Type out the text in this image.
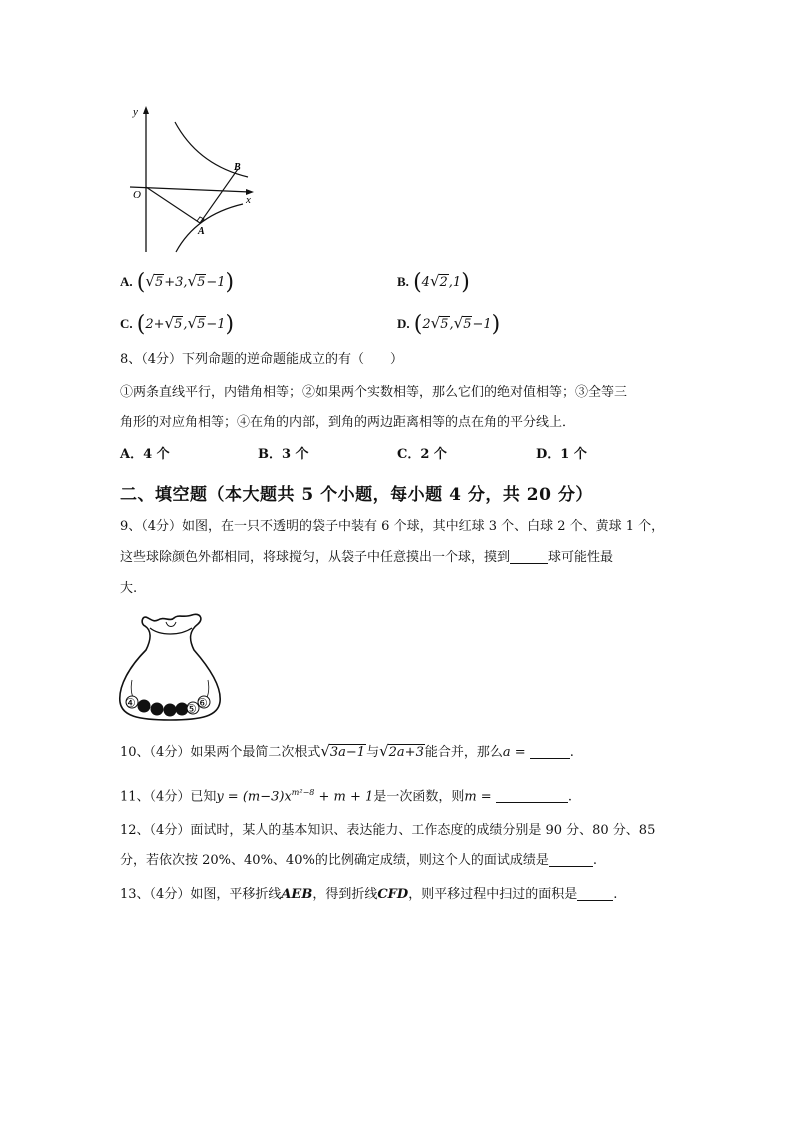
y
x
O
A
B
A. (√5+3,√5−1)	B. (4√2,1)
C. (2+√5,√5−1)	D. (2√5,√5−1)
8、（4分）下列命题的逆命题能成立的有（　　）
①两条直线平行，内错角相等；②如果两个实数相等，那么它们的绝对值相等；③全等三
角形的对应角相等；④在角的内部，到角的两边距离相等的点在角的平分线上．
A．4 个	B．3 个	C．2 个	D．1 个
二、填空题（本大题共 5 个小题，每小题 4 分，共 20 分）
9、（4分）如图，在一只不透明的袋子中装有 6 个球，其中红球 3 个、白球 2 个、黄球 1 个，
这些球除颜色外都相同，将球搅匀，从袋子中任意摸出一个球，摸到	球可能性最
大.
④	⑤ ⑥
10、（4分）如果两个最简二次根式√3a−1与√2a+3能合并，那么a =	.
11、（4分）已知$y = (m-3)x^{m^2-8} + m + 1$是一次函数，则m =	.
12、（4分）面试时，某人的基本知识、表达能力、工作态度的成绩分别是 90 分、80 分、85
分，若依次按 20%、40%、40%的比例确定成绩，则这个人的面试成绩是	.
13、（4分）如图，平移折线AEB，得到折线CFD，则平移过程中扫过的面积是	.
